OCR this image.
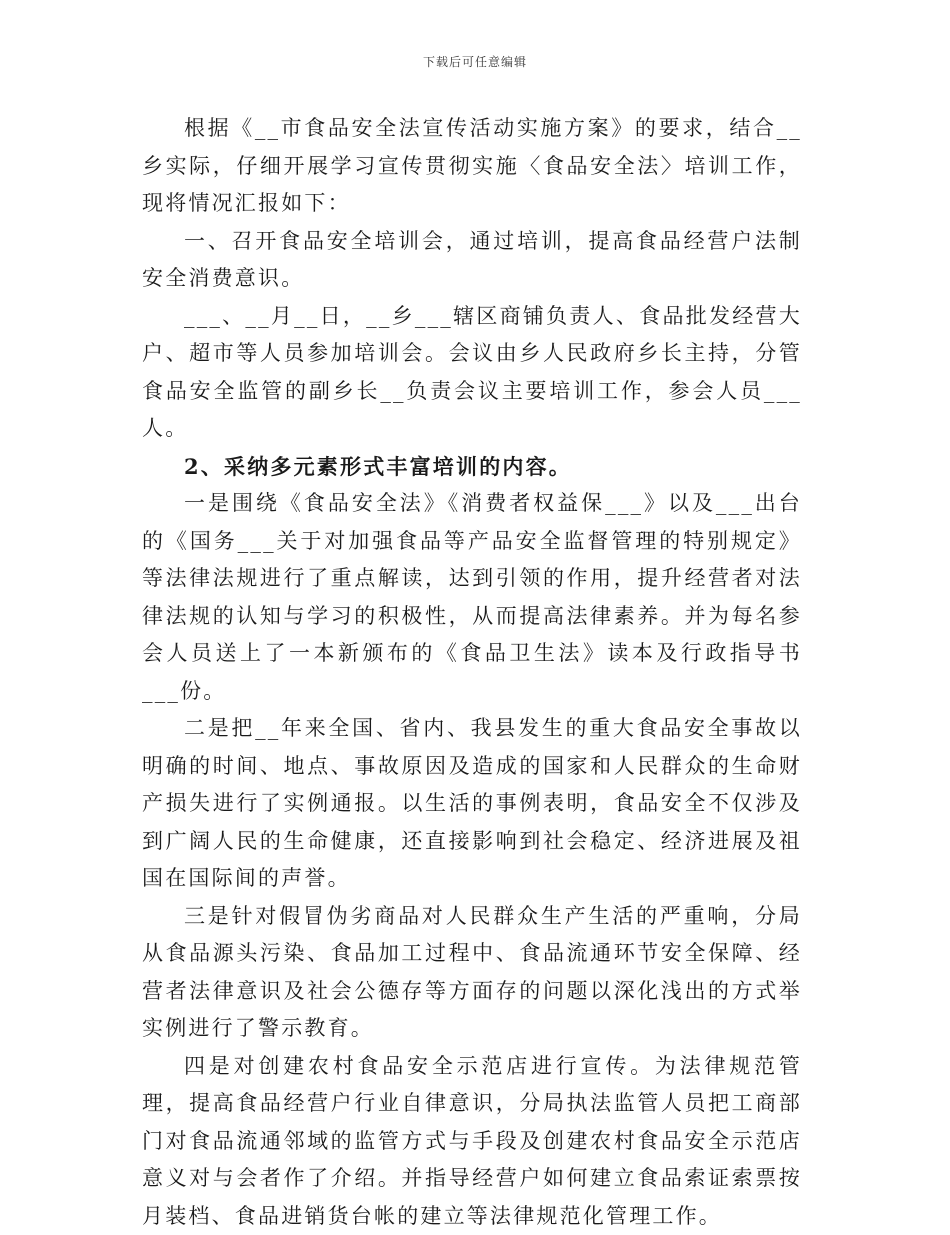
下载后可任意编辑

根据《__市食品安全法宣传活动实施方案》的要求，结合__乡实际，仔细开展学习宣传贯彻实施〈食品安全法〉培训工作，现将情况汇报如下：

一、召开食品安全培训会，通过培训，提高食品经营户法制安全消费意识。

___、__月__日，__乡___辖区商铺负责人、食品批发经营大户、超市等人员参加培训会。会议由乡人民政府乡长主持，分管食品安全监管的副乡长__负责会议主要培训工作，参会人员___人。

2、采纳多元素形式丰富培训的内容。

一是围绕《食品安全法》《消费者权益保___》以及___出台的《国务___关于对加强食品等产品安全监督管理的特别规定》等法律法规进行了重点解读，达到引领的作用，提升经营者对法律法规的认知与学习的积极性，从而提高法律素养。并为每名参会人员送上了一本新颁布的《食品卫生法》读本及行政指导书___份。

二是把__年来全国、省内、我县发生的重大食品安全事故以明确的时间、地点、事故原因及造成的国家和人民群众的生命财产损失进行了实例通报。以生活的事例表明，食品安全不仅涉及到广阔人民的生命健康，还直接影响到社会稳定、经济进展及祖国在国际间的声誉。

三是针对假冒伪劣商品对人民群众生产生活的严重响，分局从食品源头污染、食品加工过程中、食品流通环节安全保障、经营者法律意识及社会公德存等方面存的问题以深化浅出的方式举实例进行了警示教育。

四是对创建农村食品安全示范店进行宣传。为法律规范管理，提高食品经营户行业自律意识，分局执法监管人员把工商部门对食品流通邻域的监管方式与手段及创建农村食品安全示范店意义对与会者作了介绍。并指导经营户如何建立食品索证索票按月装档、食品进销货台帐的建立等法律规范化管理工作。
